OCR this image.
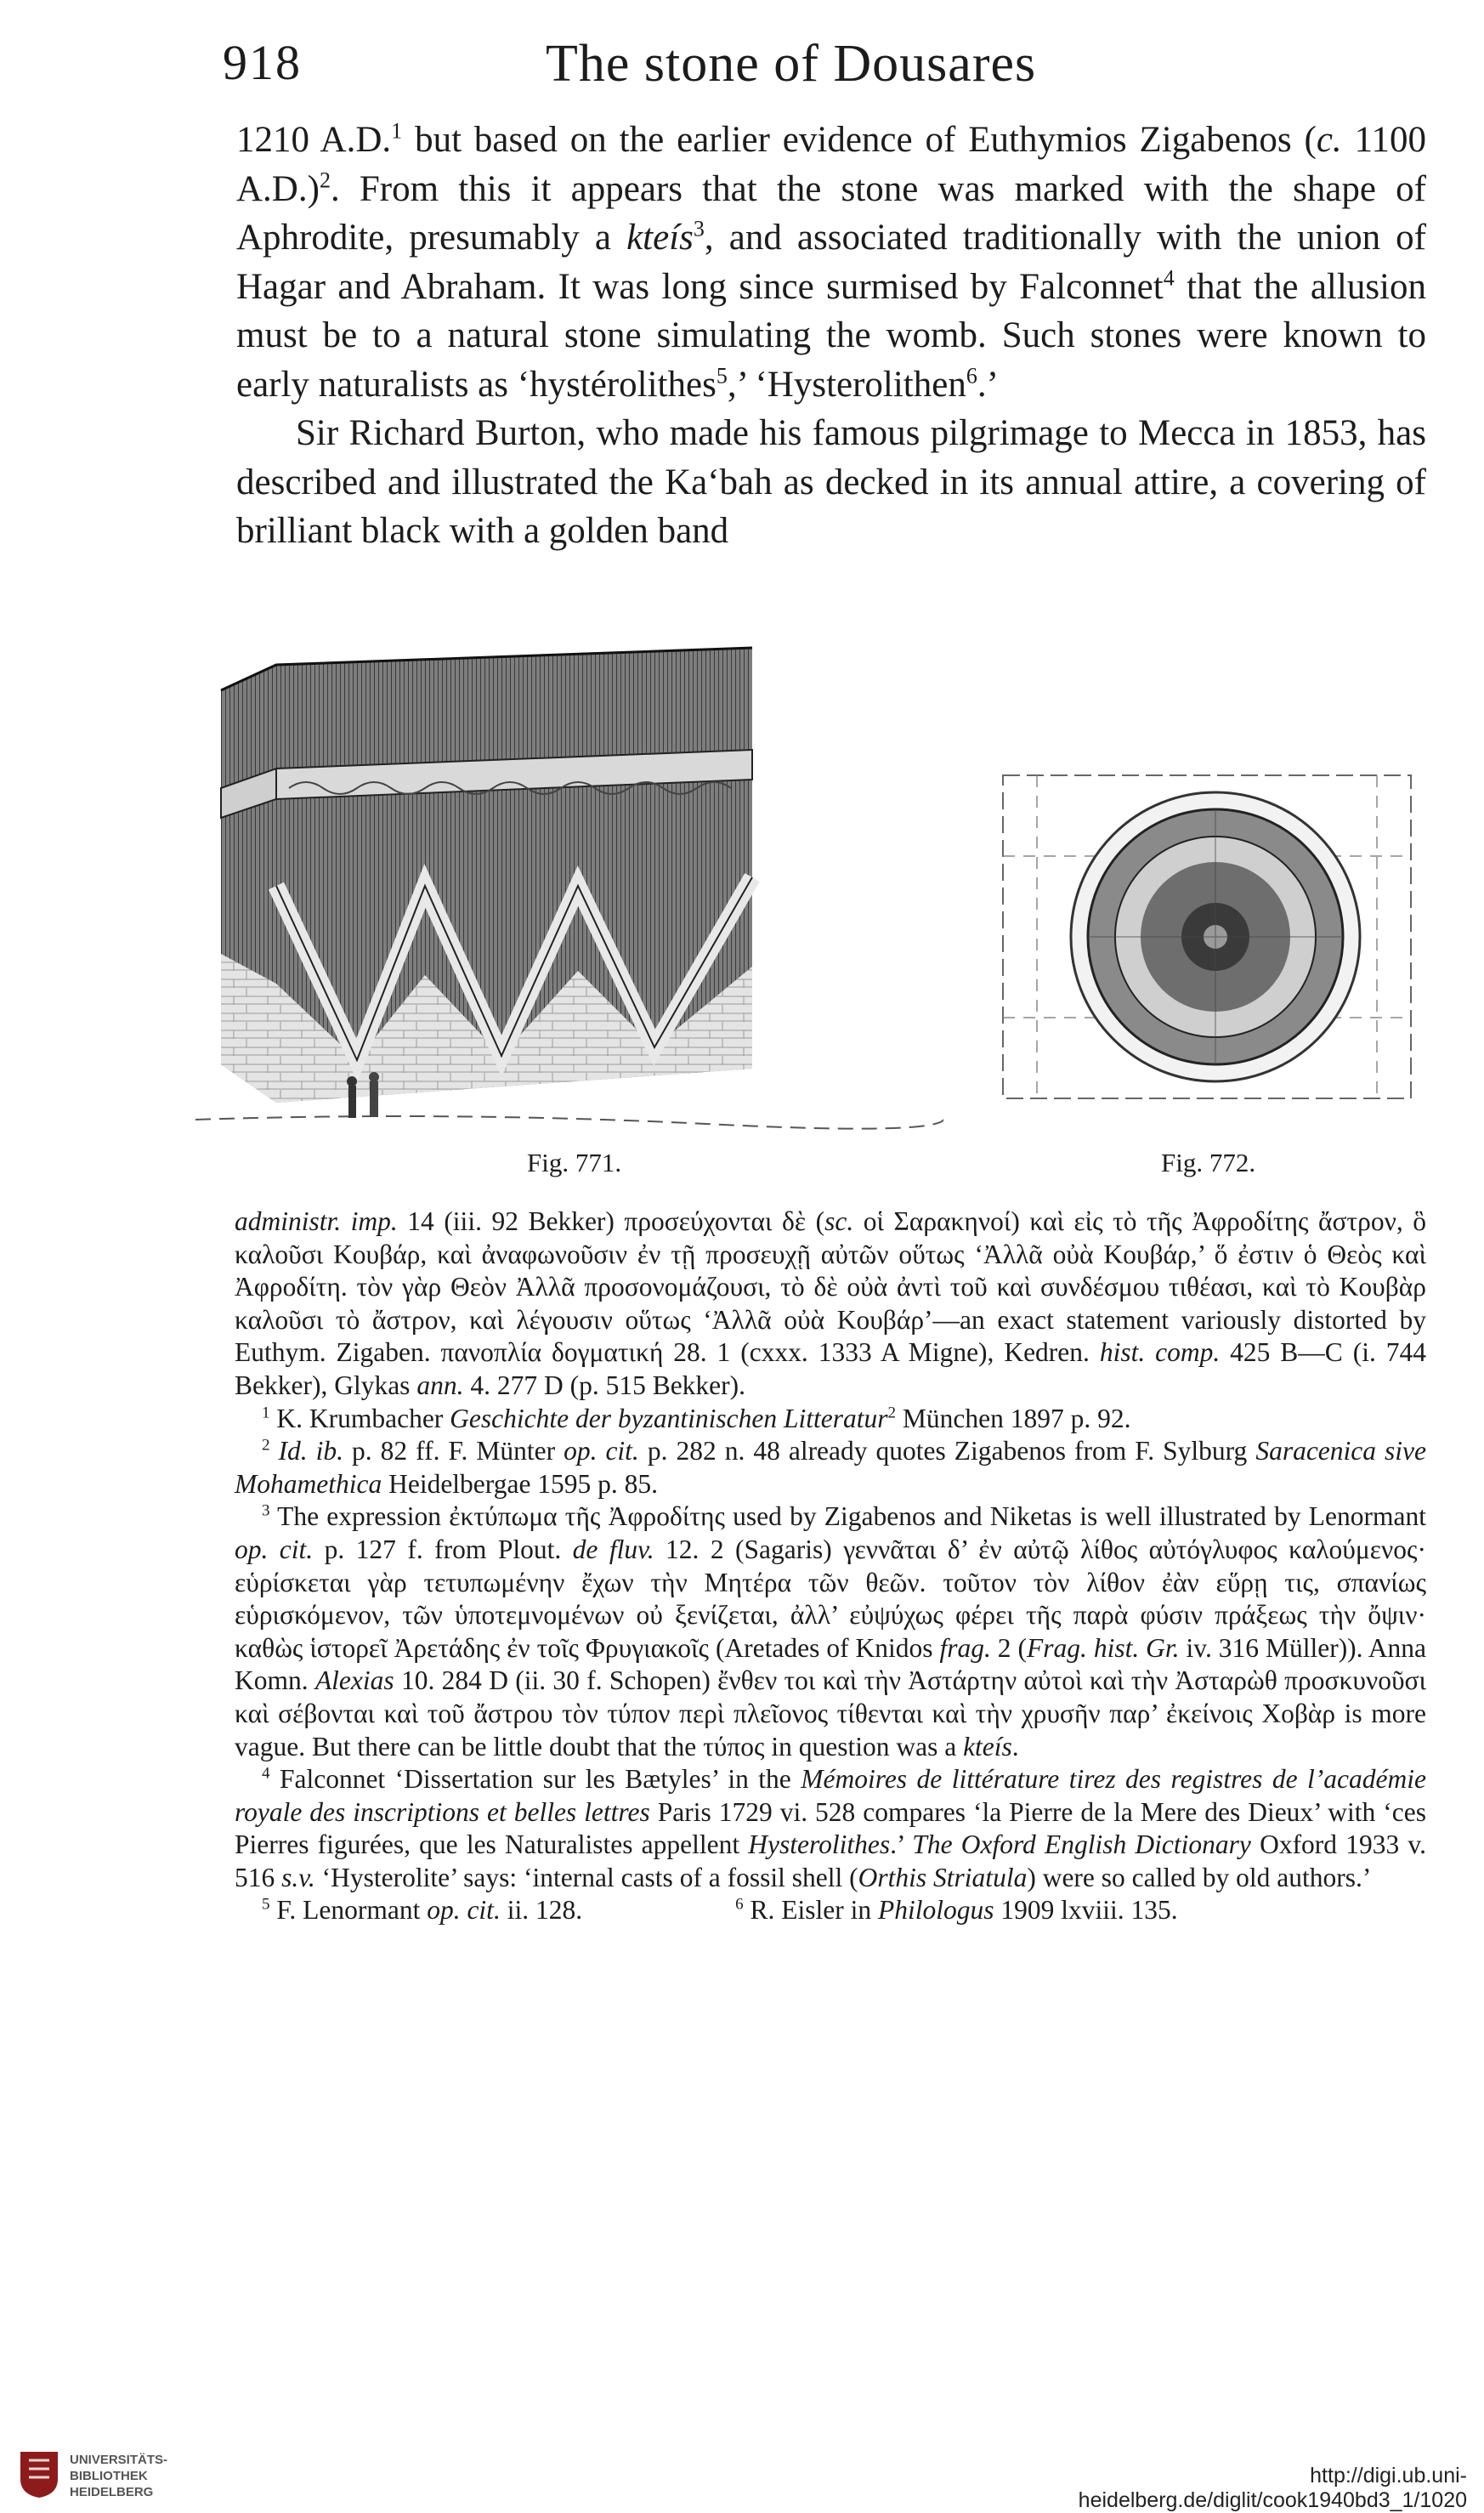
918	The stone of Dousares

1210 A.D.$^1$ but based on the earlier evidence of Euthymios Zigabenos (c. 1100 A.D.)$^2$. From this it appears that the stone was marked with the shape of Aphrodite, presumably a kteís$^3$, and associated traditionally with the union of Hagar and Abraham. It was long since surmised by Falconnet$^4$ that the allusion must be to a natural stone simulating the womb. Such stones were known to early naturalists as ‘hystérolithes$^5$,’ ‘Hysterolithen$^6$.’

Sir Richard Burton, who made his famous pilgrimage to Mecca in 1853, has described and illustrated the Ka‘bah as decked in its annual attire, a covering of brilliant black with a golden band

Fig. 771.	Fig. 772.

administr. imp. 14 (iii. 92 Bekker) προσεύχονται δὲ (sc. οἱ Σαρακηνοί) καὶ εἰς τὸ τῆς Ἀφροδίτης ἄστρον, ὃ καλοῦσι Κουβάρ, καὶ ἀναφωνοῦσιν ἐν τῇ προσευχῇ αὐτῶν οὕτως ‘Ἀλλᾶ οὐὰ Κουβάρ,’ ὅ ἐστιν ὁ Θεὸς καὶ Ἀφροδίτη. τὸν γὰρ Θεὸν Ἀλλᾶ προσονομάζουσι, τὸ δὲ οὐὰ ἀντὶ τοῦ καὶ συνδέσμου τιθέασι, καὶ τὸ Κουβὰρ καλοῦσι τὸ ἄστρον, καὶ λέγουσιν οὕτως ‘Ἀλλᾶ οὐὰ Κουβάρ’—an exact statement variously distorted by Euthym. Zigaben. πανοπλία δογματική 28. 1 (cxxx. 1333 A Migne), Kedren. hist. comp. 425 B—C (i. 744 Bekker), Glykas ann. 4. 277 D (p. 515 Bekker).

$^1$ K. Krumbacher Geschichte der byzantinischen Litteratur$^2$ München 1897 p. 92.

$^2$ Id. ib. p. 82 ff. F. Münter op. cit. p. 282 n. 48 already quotes Zigabenos from F. Sylburg Saracenica sive Mohamethica Heidelbergae 1595 p. 85.

$^3$ The expression ἐκτύπωμα τῆς Ἀφροδίτης used by Zigabenos and Niketas is well illustrated by Lenormant op. cit. p. 127 f. from Plout. de fluv. 12. 2 (Sagaris) γεννᾶται δ’ ἐν αὐτῷ λίθος αὐτόγλυφος καλούμενος· εὑρίσκεται γὰρ τετυπωμένην ἔχων τὴν Μητέρα τῶν θεῶν. τοῦτον τὸν λίθον ἐὰν εὕρῃ τις, σπανίως εὑρισκόμενον, τῶν ὑποτεμνομένων οὐ ξενίζεται, ἀλλ’ εὐψύχως φέρει τῆς παρὰ φύσιν πράξεως τὴν ὄψιν· καθὼς ἱστορεῖ Ἀρετάδης ἐν τοῖς Φρυγιακοῖς (Aretades of Knidos frag. 2 (Frag. hist. Gr. iv. 316 Müller)). Anna Komn. Alexias 10. 284 D (ii. 30 f. Schopen) ἔνθεν τοι καὶ τὴν Ἀστάρτην αὐτοὶ καὶ τὴν Ἀσταρὼθ προσκυνοῦσι καὶ σέβονται καὶ τοῦ ἄστρου τὸν τύπον περὶ πλεῖονος τίθενται καὶ τὴν χρυσῆν παρ’ ἐκείνοις Χοβὰρ is more vague. But there can be little doubt that the τύπος in question was a kteís.

$^4$ Falconnet ‘Dissertation sur les Bætyles’ in the Mémoires de littérature tirez des registres de l’académie royale des inscriptions et belles lettres Paris 1729 vi. 528 compares ‘la Pierre de la Mere des Dieux’ with ‘ces Pierres figurées, que les Naturalistes appellent Hysterolithes.’ The Oxford English Dictionary Oxford 1933 v. 516 s.v. ‘Hysterolite’ says: ‘internal casts of a fossil shell (Orthis Striatula) were so called by old authors.’

$^5$ F. Lenormant op. cit. ii. 128.	$^6$ R. Eisler in Philologus 1909 lxviii. 135.

UNIVERSITÄTS-
BIBLIOTHEK
HEIDELBERG
http://digi.ub.uni-heidelberg.de/diglit/cook1940bd3_1/1020
